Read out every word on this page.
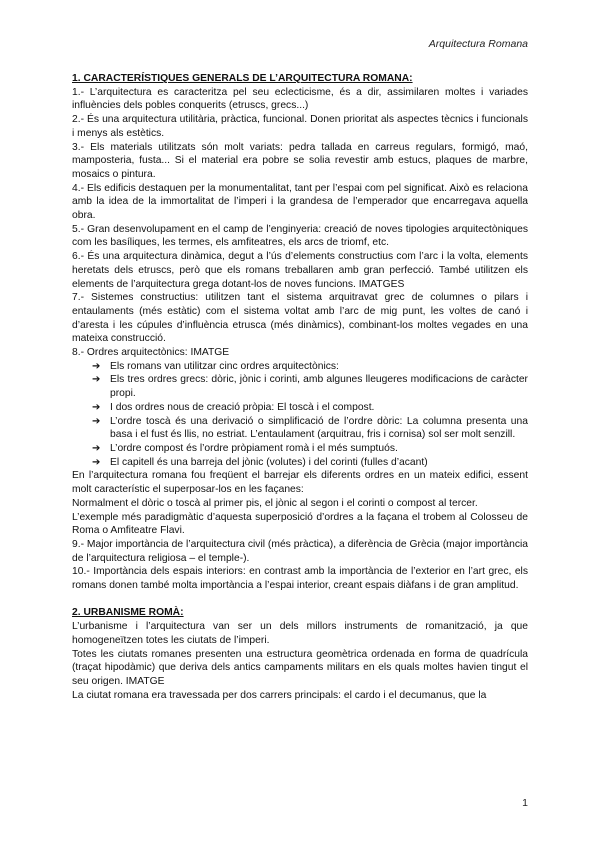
Arquitectura Romana

1. CARACTERÍSTIQUES GENERALS DE L’ARQUITECTURA ROMANA:

1.- L’arquitectura es caracteritza pel seu eclecticisme, és a dir, assimilaren moltes i variades influències dels pobles conquerits (etruscs, grecs...)

2.- És una arquitectura utilitària, pràctica, funcional. Donen prioritat als aspectes tècnics i funcionals i menys als estètics.

3.- Els materials utilitzats són molt variats: pedra tallada en carreus regulars, formigó, maó, mamposteria, fusta... Si el material era pobre se solia revestir amb estucs, plaques de marbre, mosaics o pintura.

4.- Els edificis destaquen per la monumentalitat, tant per l’espai com pel significat. Això es relaciona amb la idea de la immortalitat de l’imperi i la grandesa de l’emperador que encarregava aquella obra.

5.- Gran desenvolupament en el camp de l’enginyeria: creació de noves tipologies arquitectòniques com les basíliques, les termes, els amfiteatres, els arcs de triomf, etc.

6.- És una arquitectura dinàmica, degut a l’ús d’elements constructius com l’arc i la volta, elements heretats dels etruscs, però que els romans treballaren amb gran perfecció. També utilitzen els elements de l’arquitectura grega dotant-los de noves funcions. IMATGES

7.- Sistemes constructius: utilitzen tant el sistema arquitravat grec de columnes o pilars i entaulaments (més estàtic) com el sistema voltat amb l’arc de mig punt, les voltes de canó i d’aresta i les cúpules d’influència etrusca (més dinàmics), combinant-los moltes vegades en una mateixa construcció.

8.- Ordres arquitectònics: IMATGE

➔ Els romans van utilitzar cinc ordres arquitectònics:
➔ Els tres ordres grecs: dòric, jònic i corinti, amb algunes lleugeres modificacions de caràcter propi.
➔ I dos ordres nous de creació pròpia: El toscà i el compost.
➔ L’ordre toscà és una derivació o simplificació de l’ordre dòric: La columna presenta una basa i el fust és llis, no estriat. L’entaulament (arquitrau, fris i cornisa) sol ser molt senzill.
➔ L’ordre compost és l’ordre pròpiament romà i el més sumptuós.
➔ El capitell és una barreja del jònic (volutes) i del corinti (fulles d’acant)

En l’arquitectura romana fou freqüent el barrejar els diferents ordres en un mateix edifici, essent molt característic el superposar-los en les façanes:

Normalment el dòric o toscà al primer pis, el jònic al segon i el corinti o compost al tercer.

L’exemple més paradigmàtic d’aquesta superposició d’ordres a la façana el trobem al Colosseu de Roma o Amfiteatre Flavi.

9.- Major importància de l’arquitectura civil (més pràctica), a diferència de Grècia (major importància de l’arquitectura religiosa – el temple-).

10.- Importància dels espais interiors: en contrast amb la importància de l’exterior en l’art grec, els romans donen també molta importància a l’espai interior, creant espais diàfans i de gran amplitud.

2. URBANISME ROMÀ:

L’urbanisme i l’arquitectura van ser un dels millors instruments de romanització, ja que homogeneïtzen totes les ciutats de l’imperi.

Totes les ciutats romanes presenten una estructura geomètrica ordenada en forma de quadrícula (traçat hipodàmic) que deriva dels antics campaments militars en els quals moltes havien tingut el seu origen. IMATGE

La ciutat romana era travessada per dos carrers principals: el cardo i el decumanus, que la

1
